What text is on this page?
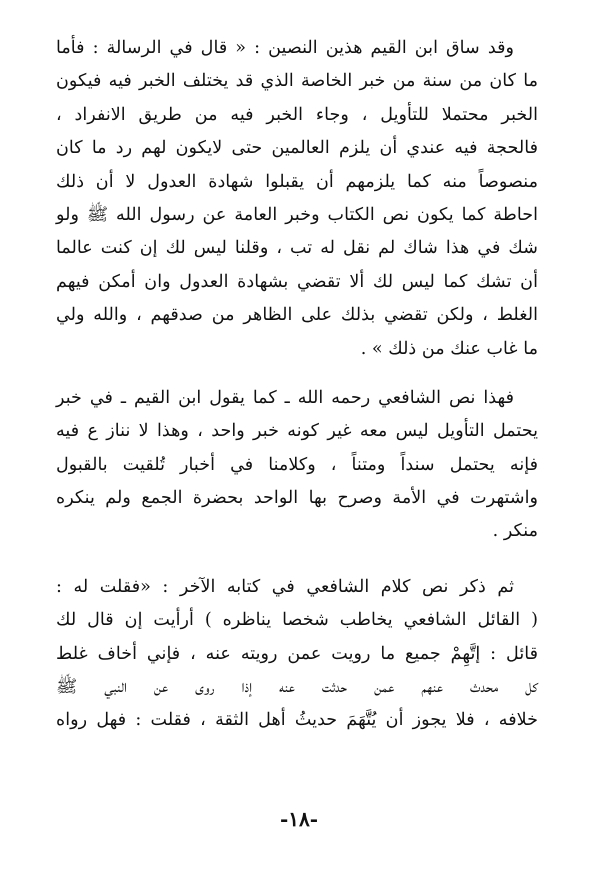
وقد ساق ابن القيم هذين النصين : « قال في الرسالة : فأما
ما كان من سنة من خبر الخاصة الذي قد يختلف الخبر فيه فيكون
الخبر محتملا للتأويل ، وجاء الخبر فيه من طريق الانفراد ،
فالحجة فيه عندي أن يلزم العالمين حتى لايكون لهم رد ما كان
منصوصاً منه كما يلزمهم أن يقبلوا شهادة العدول لا أن ذلك
احاطة كما يكون نص الكتاب وخبر العامة عن رسول الله ﷺ ولو
شك في هذا شاك لم نقل له تب ، وقلنا ليس لك إن كنت عالما
أن تشك كما ليس لك ألا تقضي بشهادة العدول وان أمكن فيهم
الغلط ، ولكن تقضي بذلك على الظاهر من صدقهم ، والله ولي
ما غاب عنك من ذلك » .
فهذا نص الشافعي رحمه الله ـ كما يقول ابن القيم ـ في خبر
يحتمل التأويل ليس معه غير كونه خبر واحد ، وهذا لا نناز ع فيه
فإنه يحتمل سنداً ومتناً ، وكلامنا في أخبار تُلقيت بالقبول
واشتهرت في الأمة وصرح بها الواحد بحضرة الجمع ولم ينكره
منكر .
ثم ذكر نص كلام الشافعي في كتابه الآخر : «فقلت له :
( القائل الشافعي يخاطب شخصا يناظره ) أرأيت إن قال لك
قائل : إتَّهِمْ جميع ما رويت عمن رويته عنه ، فإني أخاف غلط
كل محدث عنهم عمن حدثت عنه إذا روى عن النبي ﷺ
خلافه ، فلا يجوز أن يُتَّهَمَ حديثُ أهل الثقة ، فقلت : فهل رواه
-١٨-
